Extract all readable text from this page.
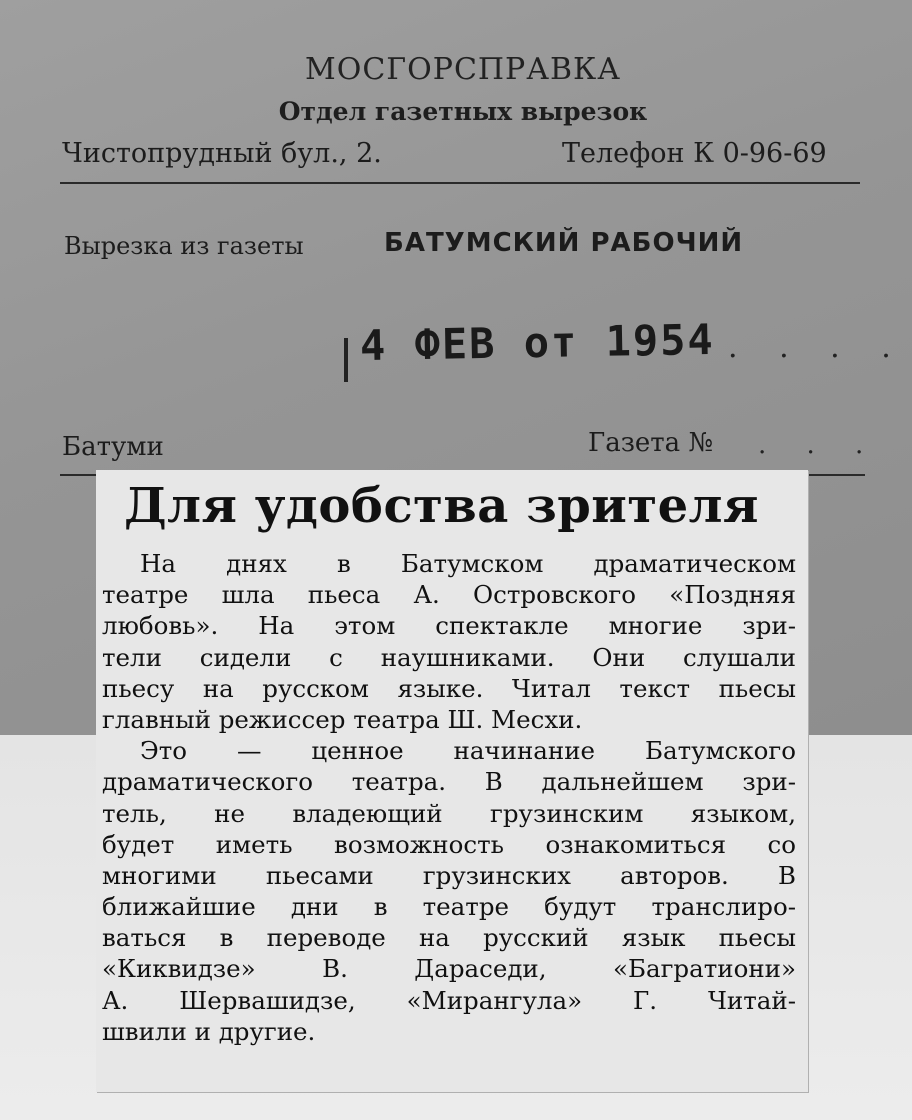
МОСГОРСПРАВКА
Отдел газетных вырезок
Чистопрудный бул., 2.	Телефон К 0-96-69
Вырезка из газеты	БАТУМСКИЙ РАБОЧИЙ
4 ФЕВ от 1954 . . . .
Батуми	Газета № . . .
Для удобства зрителя
На днях в Батумском драматическом
театре шла пьеса А. Островского «Поздняя
любовь». На этом спектакле многие зри-
тели сидели с наушниками. Они слушали
пьесу на русском языке. Читал текст пьесы
главный режиссер театра Ш. Месхи.
Это — ценное начинание Батумского
драматического театра. В дальнейшем зри-
тель, не владеющий грузинским языком,
будет иметь возможность ознакомиться со
многими пьесами грузинских авторов. В
ближайшие дни в театре будут транслиро-
ваться в переводе на русский язык пьесы
«Киквидзе» В. Дараседи, «Багратиони»
А. Шервашидзе, «Мирангула» Г. Читай-
швили и другие.
